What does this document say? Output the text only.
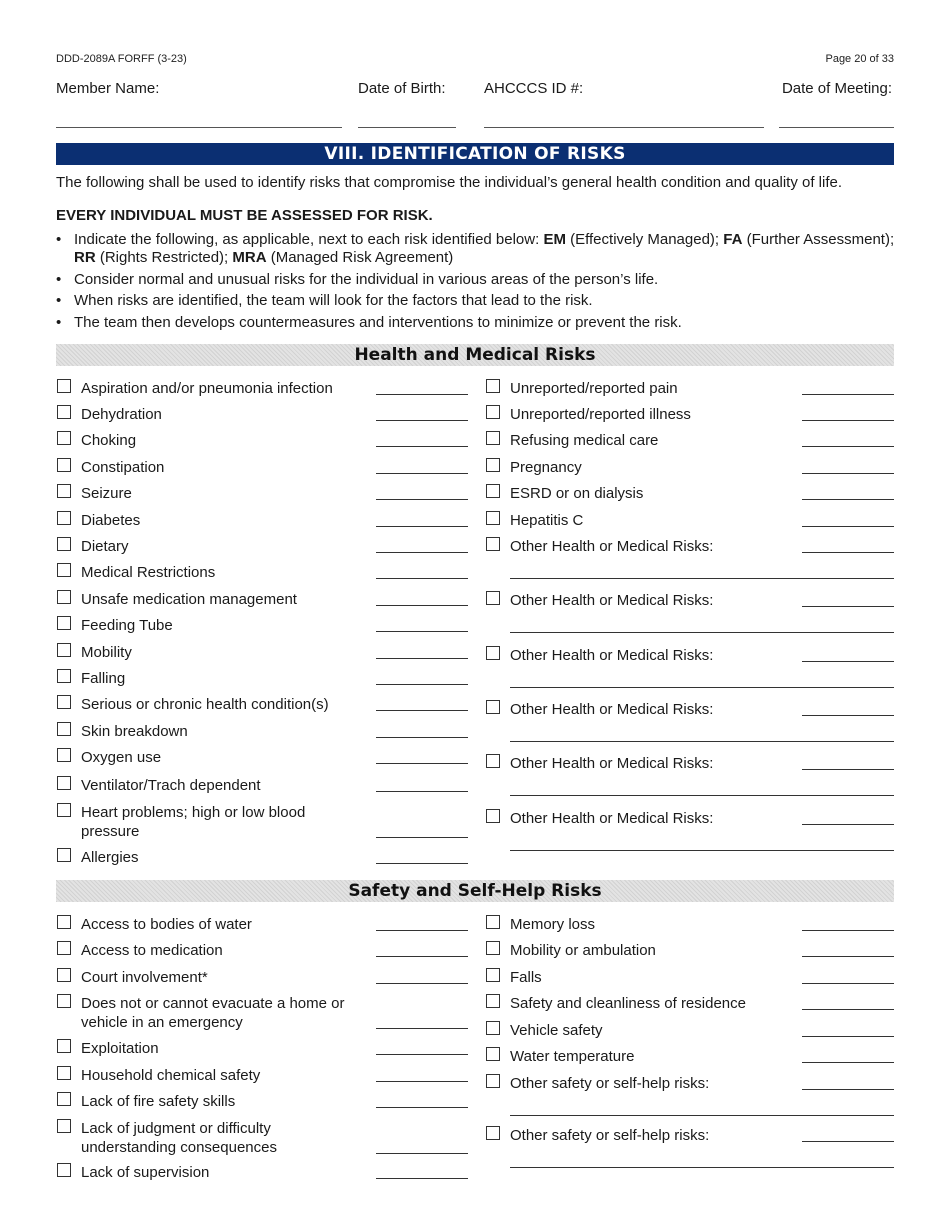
DDD-2089A FORFF (3-23)	Page 20 of 33
Member Name:	Date of Birth:	AHCCCS ID #:	Date of Meeting:
VIII. IDENTIFICATION OF RISKS
The following shall be used to identify risks that compromise the individual’s general health condition and quality of life.
EVERY INDIVIDUAL MUST BE ASSESSED FOR RISK.
• Indicate the following, as applicable, next to each risk identified below: EM (Effectively Managed); FA (Further Assessment); RR (Rights Restricted); MRA (Managed Risk Agreement)
• Consider normal and unusual risks for the individual in various areas of the person’s life.
• When risks are identified, the team will look for the factors that lead to the risk.
• The team then develops countermeasures and interventions to minimize or prevent the risk.
Health and Medical Risks
Aspiration and/or pneumonia infection
Dehydration
Choking
Constipation
Seizure
Diabetes
Dietary
Medical Restrictions
Unsafe medication management
Feeding Tube
Mobility
Falling
Serious or chronic health condition(s)
Skin breakdown
Oxygen use
Ventilator/Trach dependent
Heart problems; high or low blood pressure
Allergies
Unreported/reported pain
Unreported/reported illness
Refusing medical care
Pregnancy
ESRD or on dialysis
Hepatitis C
Other Health or Medical Risks:
Other Health or Medical Risks:
Other Health or Medical Risks:
Other Health or Medical Risks:
Other Health or Medical Risks:
Other Health or Medical Risks:
Safety and Self-Help Risks
Access to bodies of water
Access to medication
Court involvement*
Does not or cannot evacuate a home or vehicle in an emergency
Exploitation
Household chemical safety
Lack of fire safety skills
Lack of judgment or difficulty understanding consequences
Lack of supervision
Memory loss
Mobility or ambulation
Falls
Safety and cleanliness of residence
Vehicle safety
Water temperature
Other safety or self-help risks:
Other safety or self-help risks:
